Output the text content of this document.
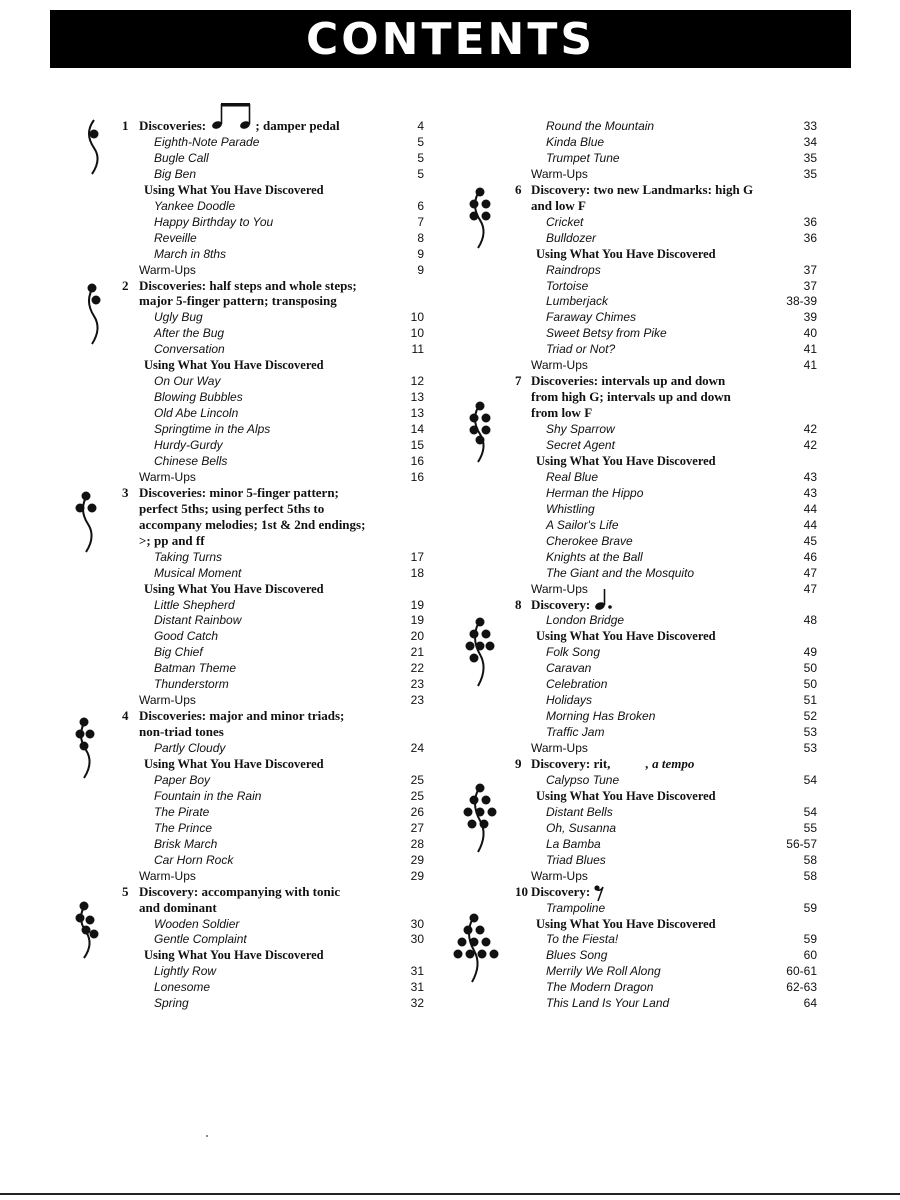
CONTENTS
1 Discoveries:	; damper pedal	4
Eighth-Note Parade	5
Bugle Call	5
Big Ben	5
Using What You Have Discovered
Yankee Doodle	6
Happy Birthday to You	7
Reveille	8
March in 8ths	9
Warm-Ups	9
2 Discoveries: half steps and whole steps;
major 5-finger pattern; transposing
Ugly Bug	10
After the Bug	10
Conversation	11
Using What You Have Discovered
On Our Way	12
Blowing Bubbles	13
Old Abe Lincoln	13
Springtime in the Alps	14
Hurdy-Gurdy	15
Chinese Bells	16
Warm-Ups	16
3 Discoveries: minor 5-finger pattern;
perfect 5ths; using perfect 5ths to
accompany melodies; 1st & 2nd endings;
>; pp and ff
Taking Turns	17
Musical Moment	18
Using What You Have Discovered
Little Shepherd	19
Distant Rainbow	19
Good Catch	20
Big Chief	21
Batman Theme	22
Thunderstorm	23
Warm-Ups	23
4 Discoveries: major and minor triads;
non-triad tones
Partly Cloudy	24
Using What You Have Discovered
Paper Boy	25
Fountain in the Rain	25
The Pirate	26
The Prince	27
Brisk March	28
Car Horn Rock	29
Warm-Ups	29
5 Discovery: accompanying with tonic
and dominant
Wooden Soldier	30
Gentle Complaint	30
Using What You Have Discovered
Lightly Row	31
Lonesome	31
Spring	32
Round the Mountain	33
Kinda Blue	34
Trumpet Tune	35
Warm-Ups	35
6 Discovery: two new Landmarks: high G
and low F
Cricket	36
Bulldozer	36
Using What You Have Discovered
Raindrops	37
Tortoise	37
Lumberjack	38-39
Faraway Chimes	39
Sweet Betsy from Pike	40
Triad or Not?	41
Warm-Ups	41
7 Discoveries: intervals up and down
from high G; intervals up and down
from low F
Shy Sparrow	42
Secret Agent	42
Using What You Have Discovered
Real Blue	43
Herman the Hippo	43
Whistling	44
A Sailor's Life	44
Cherokee Brave	45
Knights at the Ball	46
The Giant and the Mosquito	47
Warm-Ups	47
8 Discovery:
London Bridge	48
Using What You Have Discovered
Folk Song	49
Caravan	50
Celebration	50
Holidays	51
Morning Has Broken	52
Traffic Jam	53
Warm-Ups	53
9 Discovery: rit,	, a tempo
Calypso Tune	54
Using What You Have Discovered
Distant Bells	54
Oh, Susanna	55
La Bamba	56-57
Triad Blues	58
Warm-Ups	58
10 Discovery:
Trampoline	59
Using What You Have Discovered
To the Fiesta!	59
Blues Song	60
Merrily We Roll Along	60-61
The Modern Dragon	62-63
This Land Is Your Land	64
